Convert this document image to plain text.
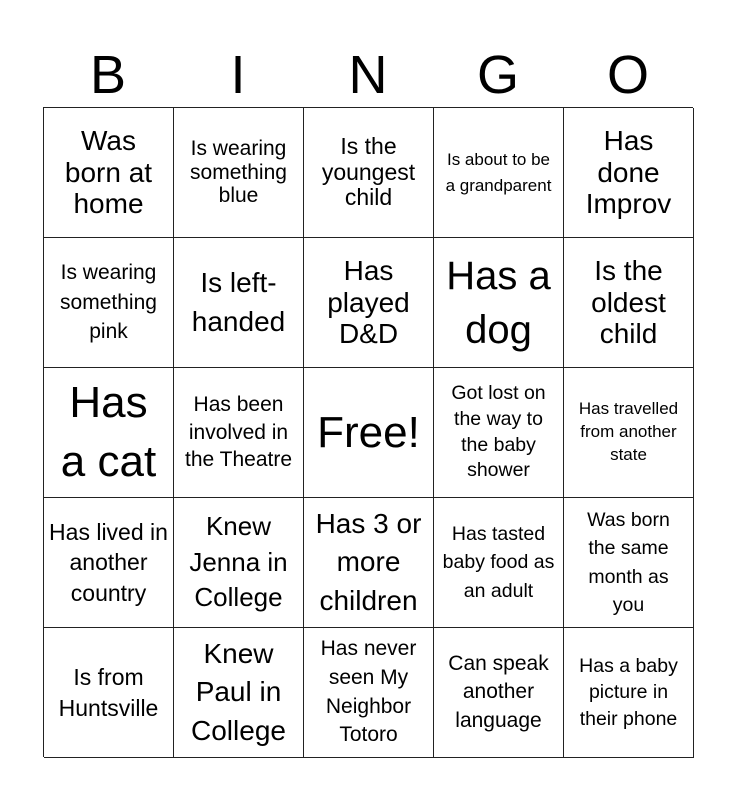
B	I	N	G	O
Was born at home
Is wearing something blue
Is the youngest child
Is about to be a grandparent
Has done Improv
Is wearing something pink
Is left-handed
Has played D&D
Has a dog
Is the oldest child
Has a cat
Has been involved in the Theatre
Free!
Got lost on the way to the baby shower
Has travelled from another state
Has lived in another country
Knew Jenna in College
Has 3 or more children
Has tasted baby food as an adult
Was born the same month as you
Is from Huntsville
Knew Paul in College
Has never seen My Neighbor Totoro
Can speak another language
Has a baby picture in their phone
